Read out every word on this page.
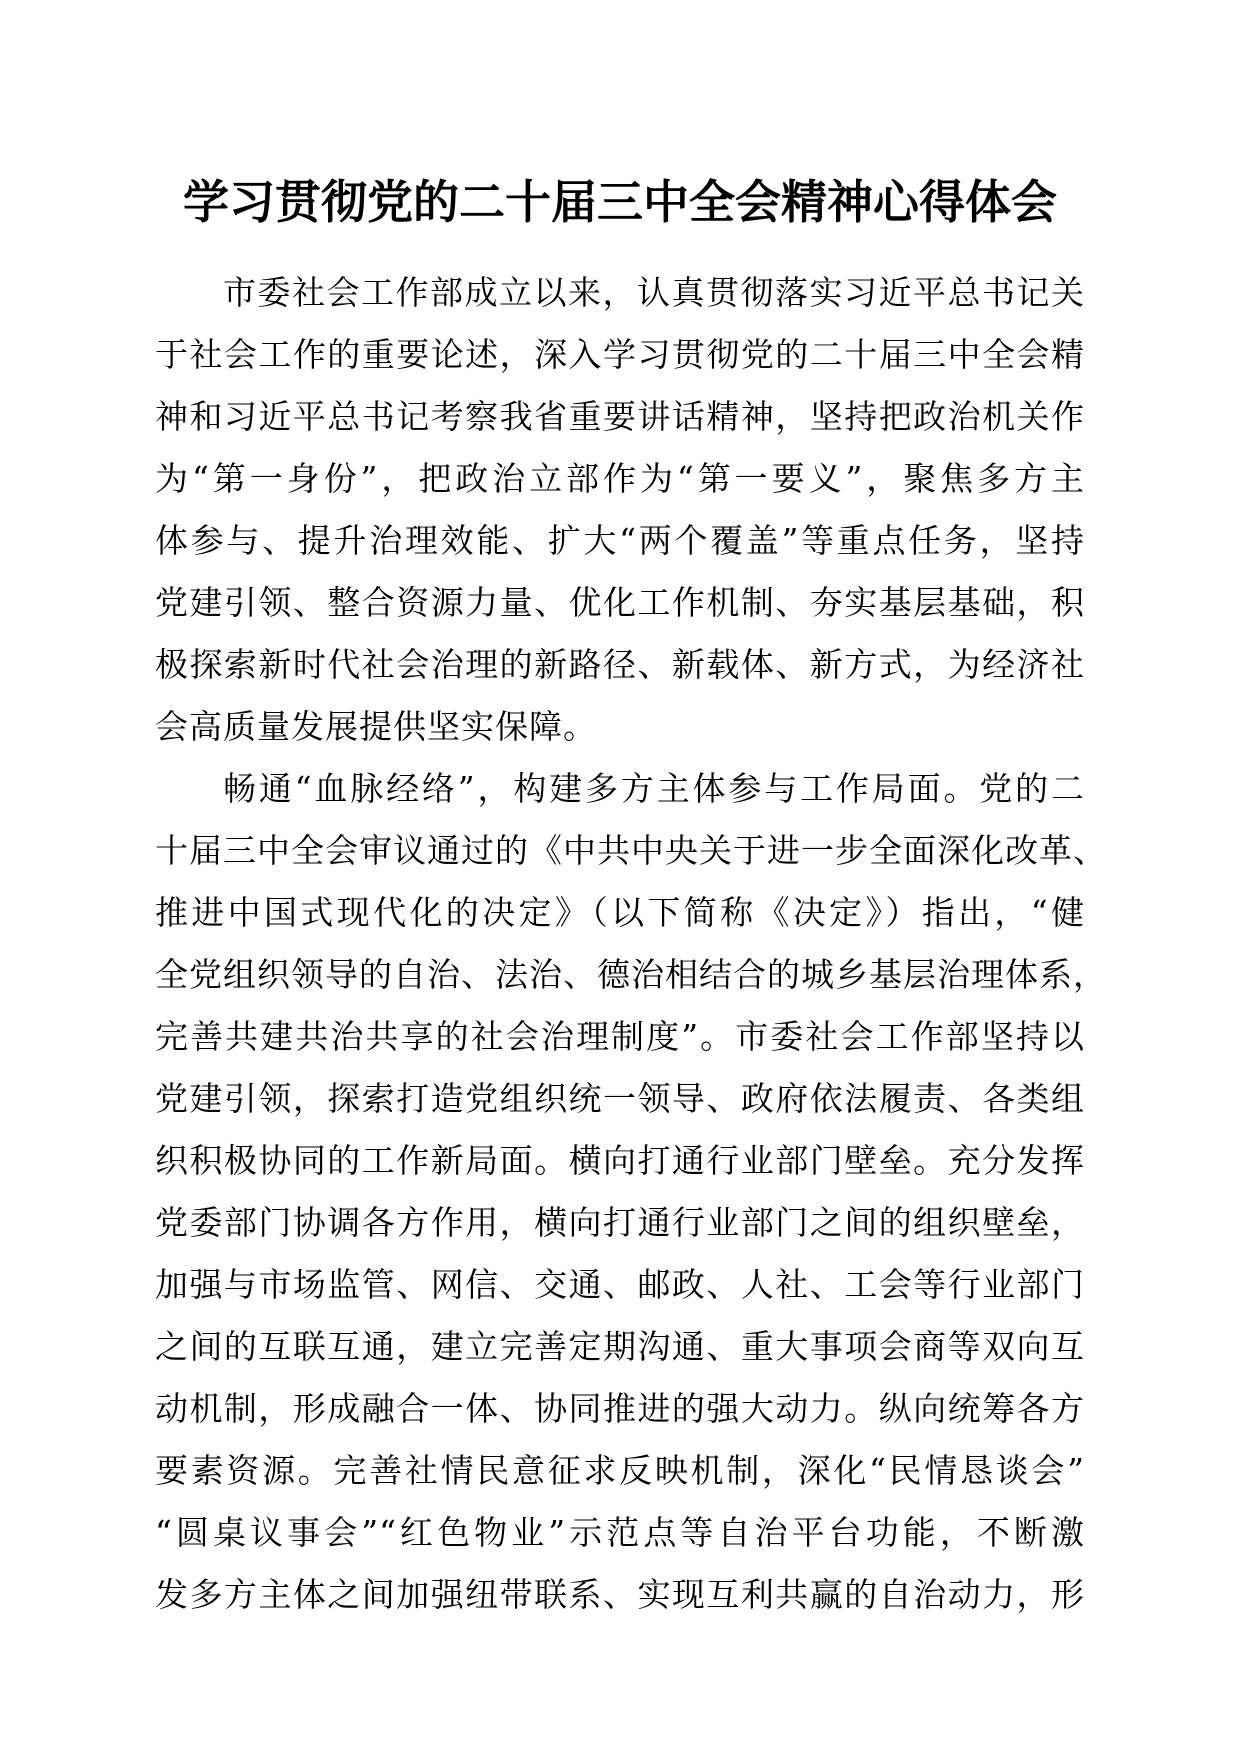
学习贯彻党的二十届三中全会精神心得体会
市委社会工作部成立以来，认真贯彻落实习近平总书记关
于社会工作的重要论述，深入学习贯彻党的二十届三中全会精
神和习近平总书记考察我省重要讲话精神，坚持把政治机关作
为“第一身份”，把政治立部作为“第一要义”，聚焦多方主
体参与、提升治理效能、扩大“两个覆盖”等重点任务，坚持
党建引领、整合资源力量、优化工作机制、夯实基层基础，积
极探索新时代社会治理的新路径、新载体、新方式，为经济社
会高质量发展提供坚实保障。
畅通“血脉经络”，构建多方主体参与工作局面。党的二
十届三中全会审议通过的《中共中央关于进一步全面深化改革、
推进中国式现代化的决定》（以下简称《决定》）指出，“健
全党组织领导的自治、法治、德治相结合的城乡基层治理体系，
完善共建共治共享的社会治理制度”。市委社会工作部坚持以
党建引领，探索打造党组织统一领导、政府依法履责、各类组
织积极协同的工作新局面。横向打通行业部门壁垒。充分发挥
党委部门协调各方作用，横向打通行业部门之间的组织壁垒，
加强与市场监管、网信、交通、邮政、人社、工会等行业部门
之间的互联互通，建立完善定期沟通、重大事项会商等双向互
动机制，形成融合一体、协同推进的强大动力。纵向统筹各方
要素资源。完善社情民意征求反映机制，深化“民情恳谈会”
“圆桌议事会”“红色物业”示范点等自治平台功能，不断激
发多方主体之间加强纽带联系、实现互利共赢的自治动力，形
